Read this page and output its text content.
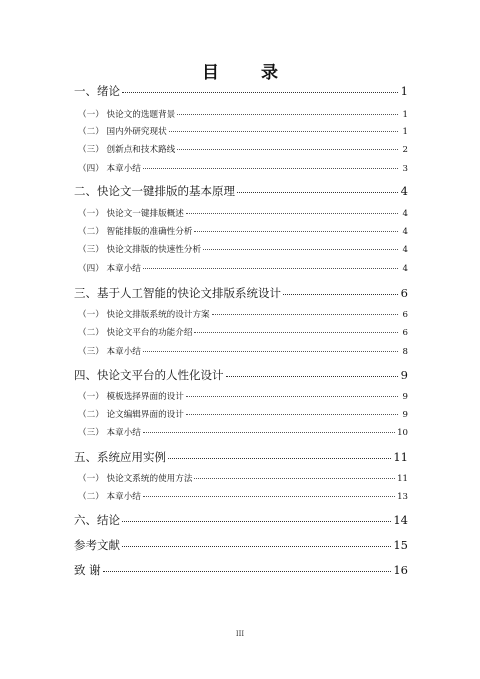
目 录
一、绪论	1
（一） 快论文的选题背景	1
（二） 国内外研究现状	1
（三） 创新点和技术路线	2
（四） 本章小结	3
二、快论文一键排版的基本原理	4
（一） 快论文一键排版概述	4
（二） 智能排版的准确性分析	4
（三） 快论文排版的快速性分析	4
（四） 本章小结	4
三、基于人工智能的快论文排版系统设计	6
（一） 快论文排版系统的设计方案	6
（二） 快论文平台的功能介绍	6
（三） 本章小结	8
四、快论文平台的人性化设计	9
（一） 模板选择界面的设计	9
（二） 论文编辑界面的设计	9
（三） 本章小结	10
五、系统应用实例	11
（一） 快论文系统的使用方法	11
（二） 本章小结	13
六、结论	14
参考文献	15
致 谢	16
III
